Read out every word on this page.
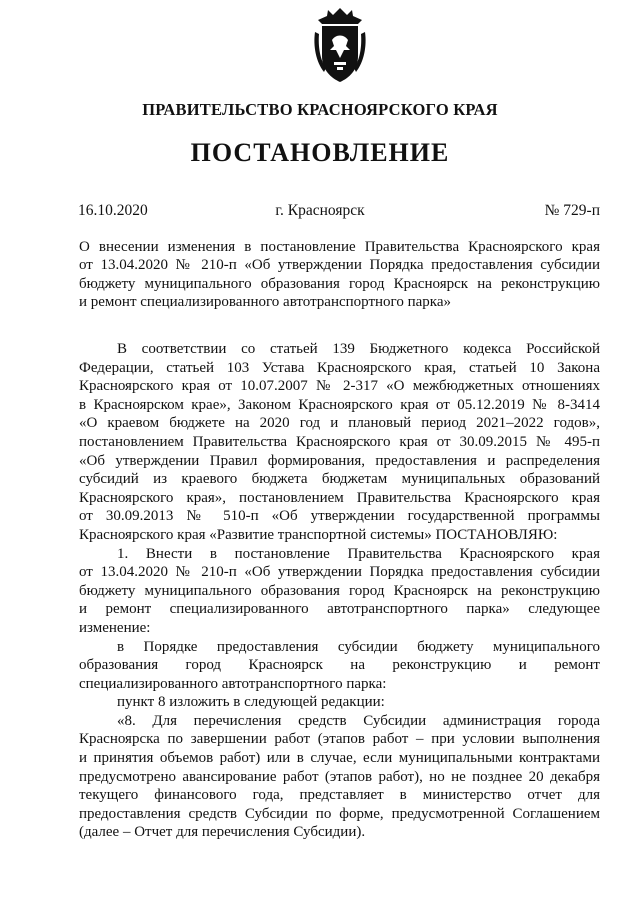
ПРАВИТЕЛЬСТВО КРАСНОЯРСКОГО КРАЯ
ПОСТАНОВЛЕНИЕ
16.10.2020	г. Красноярск	№ 729-п
О внесении изменения в постановление Правительства Красноярского края
от 13.04.2020 № 210-п «Об утверждении Порядка предоставления субсидии
бюджету муниципального образования город Красноярск на реконструкцию
и ремонт специализированного автотранспортного парка»

В соответствии со статьей 139 Бюджетного кодекса Российской
Федерации, статьей 103 Устава Красноярского края, статьей 10 Закона
Красноярского края от 10.07.2007 № 2-317 «О межбюджетных отношениях
в Красноярском крае», Законом Красноярского края от 05.12.2019 № 8-3414
«О краевом бюджете на 2020 год и плановый период 2021–2022 годов»,
постановлением Правительства Красноярского края от 30.09.2015 № 495-п
«Об утверждении Правил формирования, предоставления и распределения
субсидий из краевого бюджета бюджетам муниципальных образований
Красноярского края», постановлением Правительства Красноярского края
от 30.09.2013 № 510-п «Об утверждении государственной программы
Красноярского края «Развитие транспортной системы» ПОСТАНОВЛЯЮ:

1. Внести в постановление Правительства Красноярского края
от 13.04.2020 № 210-п «Об утверждении Порядка предоставления субсидии
бюджету муниципального образования город Красноярск на реконструкцию
и ремонт специализированного автотранспортного парка» следующее
изменение:

в Порядке предоставления субсидии бюджету муниципального
образования город Красноярск на реконструкцию и ремонт
специализированного автотранспортного парка:

пункт 8 изложить в следующей редакции:

«8. Для перечисления средств Субсидии администрация города
Красноярска по завершении работ (этапов работ – при условии выполнения
и принятия объемов работ) или в случае, если муниципальными контрактами
предусмотрено авансирование работ (этапов работ), но не позднее 20 декабря
текущего финансового года, представляет в министерство отчет для
предоставления средств Субсидии по форме, предусмотренной Соглашением
(далее – Отчет для перечисления Субсидии).
